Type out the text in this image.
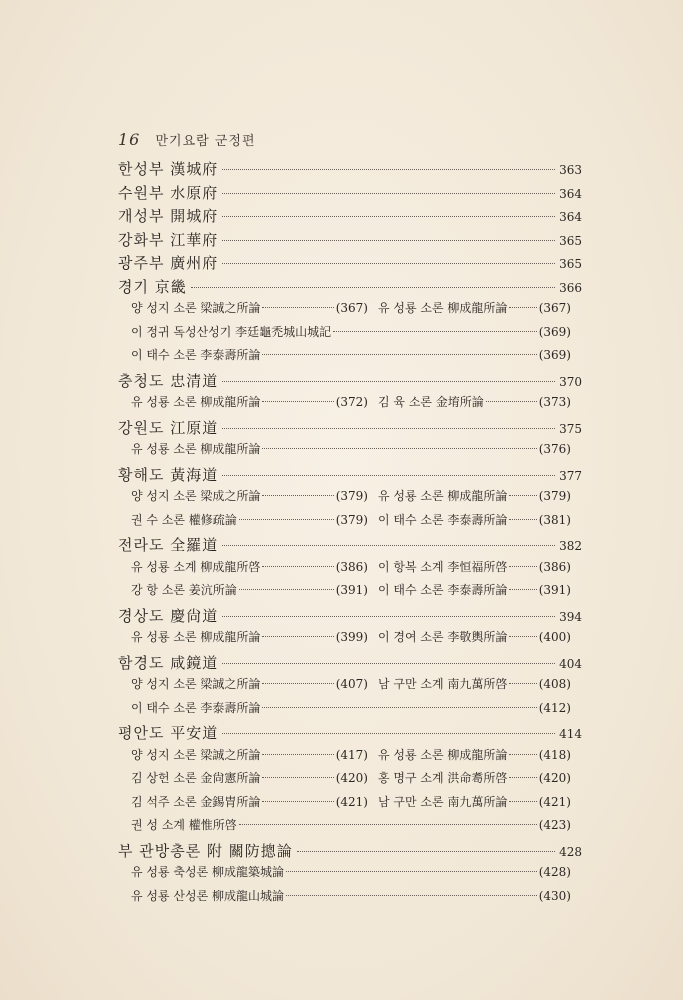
16 만기요람 군정편
한성부 漢城府	363
수원부 水原府	364
개성부 開城府	364
강화부 江華府	365
광주부 廣州府	365
경기 京畿	366
양 성지 소론 梁誠之所論	(367) 유 성룡 소론 柳成龍所論	(367)
이 정귀 독성산성기 李廷龜禿城山城記	(369)
이 태수 소론 李泰壽所論	(369)
충청도 忠清道	370
유 성룡 소론 柳成龍所論	(372) 김 육 소론 金堉所論	(373)
강원도 江原道	375
유 성룡 소론 柳成龍所論	(376)
황해도 黃海道	377
양 성지 소론 梁成之所論	(379) 유 성룡 소론 柳成龍所論	(379)
권 수 소론 權修疏論	(379) 이 태수 소론 李泰壽所論	(381)
전라도 全羅道	382
유 성룡 소계 柳成龍所啓	(386) 이 항복 소계 李恒福所啓	(386)
강 항 소론 姜沆所論	(391) 이 태수 소론 李泰壽所論	(391)
경상도 慶尙道	394
유 성룡 소론 柳成龍所論	(399) 이 경여 소론 李敬輿所論	(400)
함경도 咸鏡道	404
양 성지 소론 梁誠之所論	(407) 남 구만 소계 南九萬所啓	(408)
이 태수 소론 李泰壽所論	(412)
평안도 平安道	414
양 성지 소론 梁誠之所論	(417) 유 성룡 소론 柳成龍所論	(418)
김 상헌 소론 金尙憲所論	(420) 홍 명구 소계 洪命耈所啓	(420)
김 석주 소론 金錫胄所論	(421) 남 구만 소론 南九萬所論	(421)
권 성 소계 權惟所啓	(423)
부 관방총론 附 關防摠論	428
유 성룡 축성론 柳成龍築城論	(428)
유 성룡 산성론 柳成龍山城論	(430)
